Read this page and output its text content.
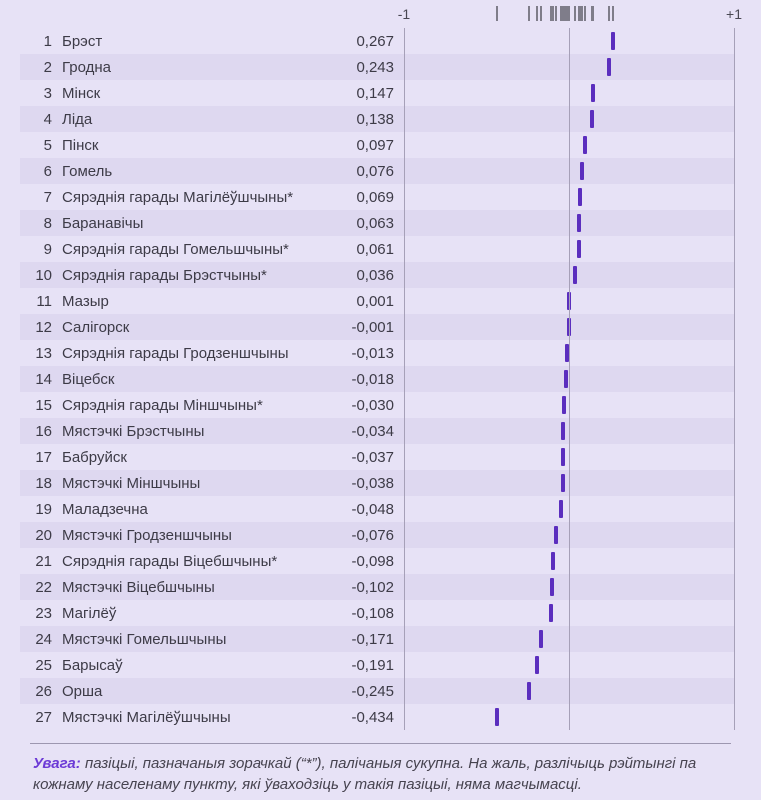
-1	+1
1 Брэст	0,267
2 Гродна	0,243
3 Мінск	0,147
4 Ліда	0,138
5 Пінск	0,097
6 Гомель	0,076
7 Сярэднія гарады Магілёўшчыны*	0,069
8 Баранавічы	0,063
9 Сярэднія гарады Гомельшчыны*	0,061
10 Сярэднія гарады Брэстчыны*	0,036
11 Мазыр	0,001
12 Салігорск	-0,001
13 Сярэднія гарады Гродзеншчыны	-0,013
14 Віцебск	-0,018
15 Сярэднія гарады Міншчыны*	-0,030
16 Мястэчкі Брэстчыны	-0,034
17 Бабруйск	-0,037
18 Мястэчкі Міншчыны	-0,038
19 Маладзечна	-0,048
20 Мястэчкі Гродзеншчыны	-0,076
21 Сярэднія гарады Віцебшчыны*	-0,098
22 Мястэчкі Віцебшчыны	-0,102
23 Магілёў	-0,108
24 Мястэчкі Гомельшчыны	-0,171
25 Барысаў	-0,191
26 Орша	-0,245
27 Мястэчкі Магілёўшчыны	-0,434
Увага: пазіцыі, пазначаныя зорачкай (“*”), палічаныя сукупна. На жаль, разлічыць рэйтынгі па кожнаму населенаму пункту, які ўваходзіць у такія пазіцыі, няма магчымасці.
